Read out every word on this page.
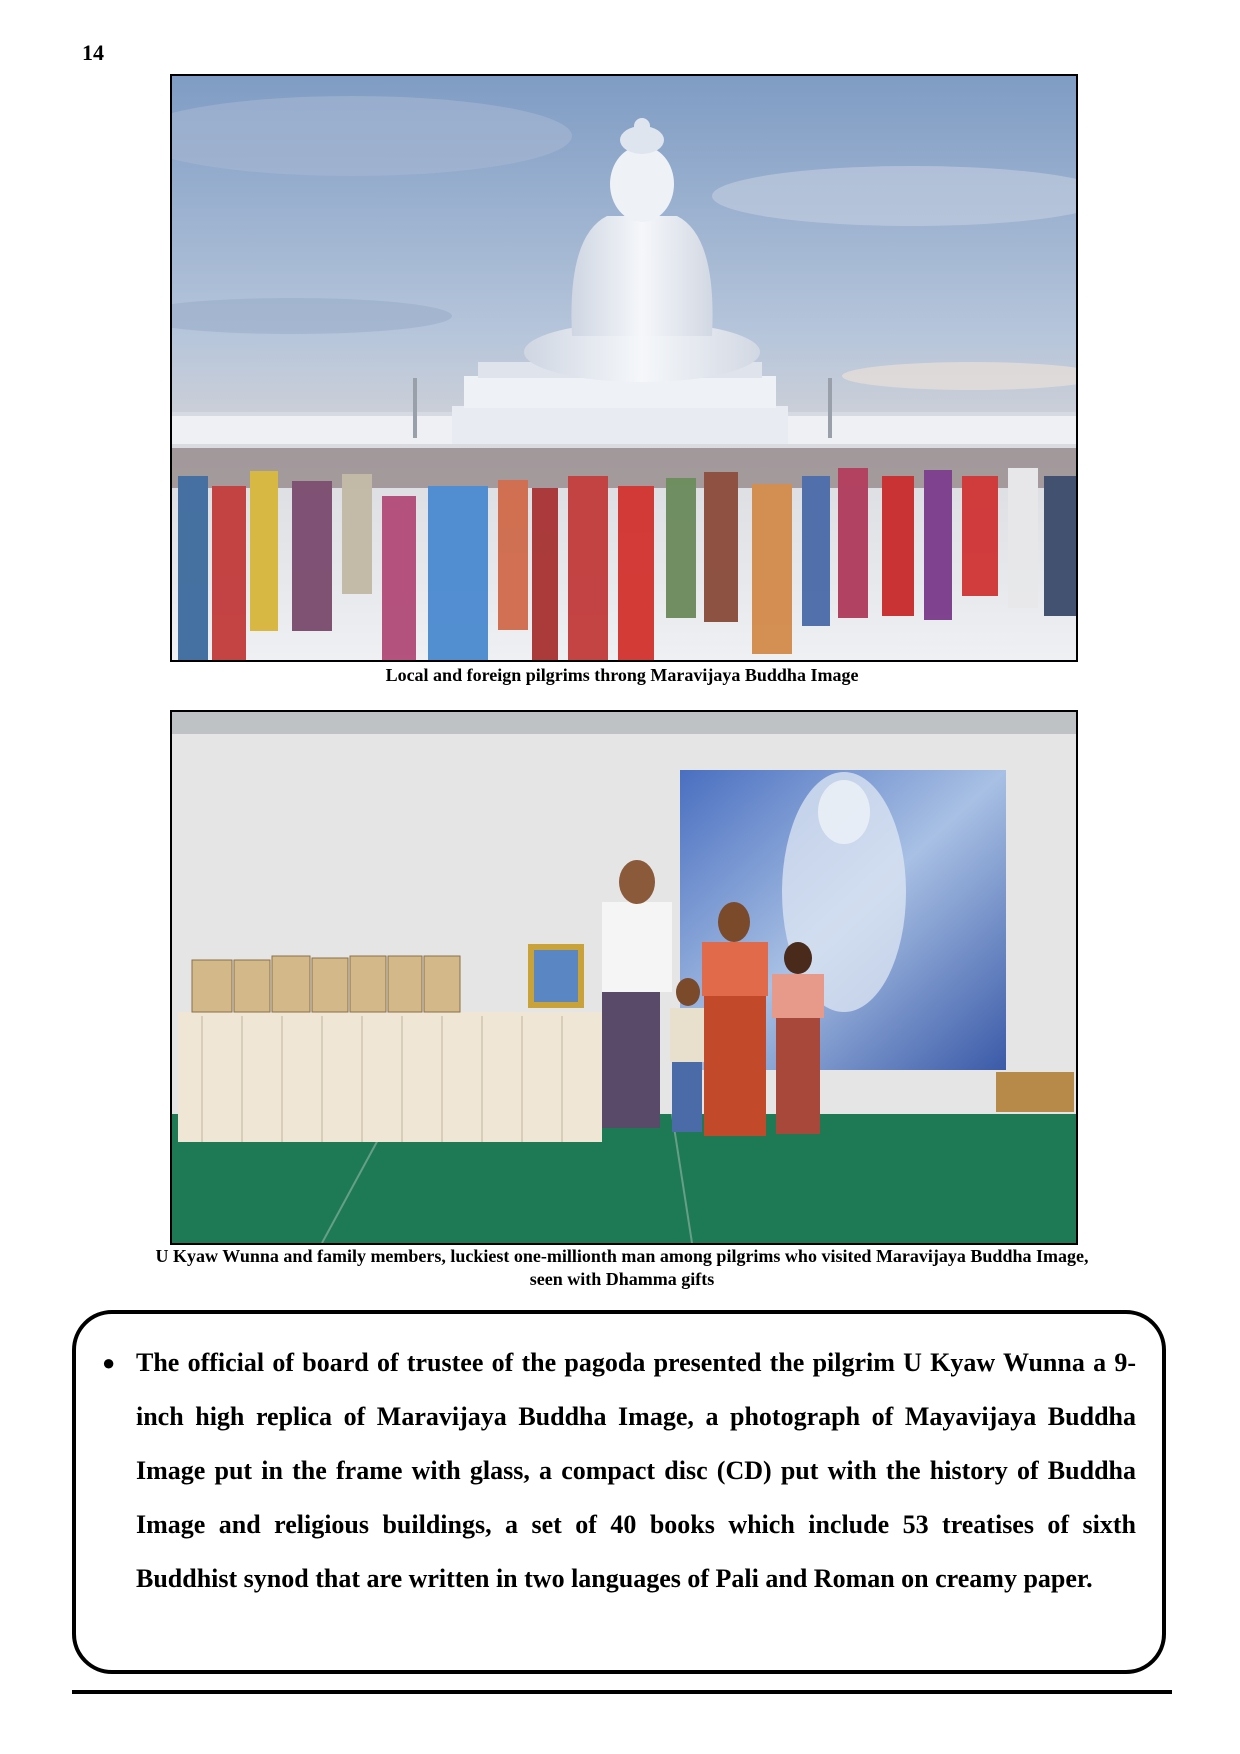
14
Local and foreign pilgrims throng Maravijaya Buddha Image
U Kyaw Wunna and family members, luckiest one-millionth man among pilgrims who visited Maravijaya Buddha Image, seen with Dhamma gifts
● The official of board of trustee of the pagoda presented the pilgrim U Kyaw Wunna a 9-inch high replica of Maravijaya Buddha Image, a photograph of Mayavijaya Buddha Image put in the frame with glass, a compact disc (CD) put with the history of Buddha Image and religious buildings, a set of 40 books which include 53 treatises of sixth Buddhist synod that are written in two languages of Pali and Roman on creamy paper.
